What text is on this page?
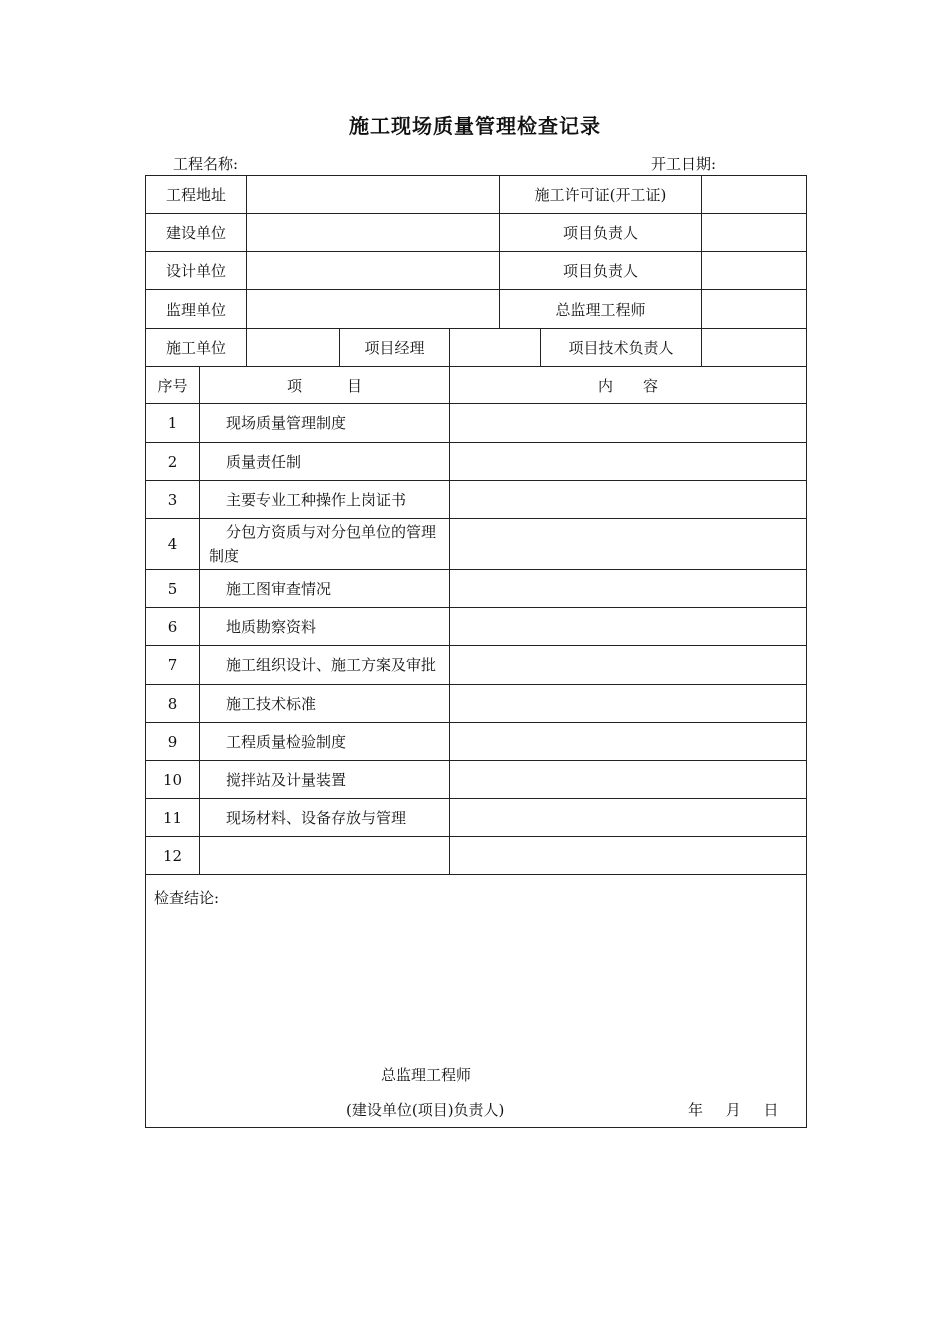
施工现场质量管理检查记录
工程名称:	开工日期:
工程地址					施工许可证(开工证)		
建设单位					项目负责人		
设计单位					项目负责人		
监理单位					总监理工程师		
施工单位			项目经理			项目技术负责人	
序号	项　　　目			内　　容			
1	现场质量管理制度						
2	质量责任制						
3	主要专业工种操作上岗证书						
4	分包方资质与对分包单位的管理制度						
5	施工图审查情况						
6	地质勘察资料						
7	施工组织设计、施工方案及审批						
8	施工技术标准						
9	工程质量检验制度						
10	搅拌站及计量装置						
11	现场材料、设备存放与管理						
12							

检查结论:
总监理工程师
(建设单位(项目)负责人) 年 月 日							
